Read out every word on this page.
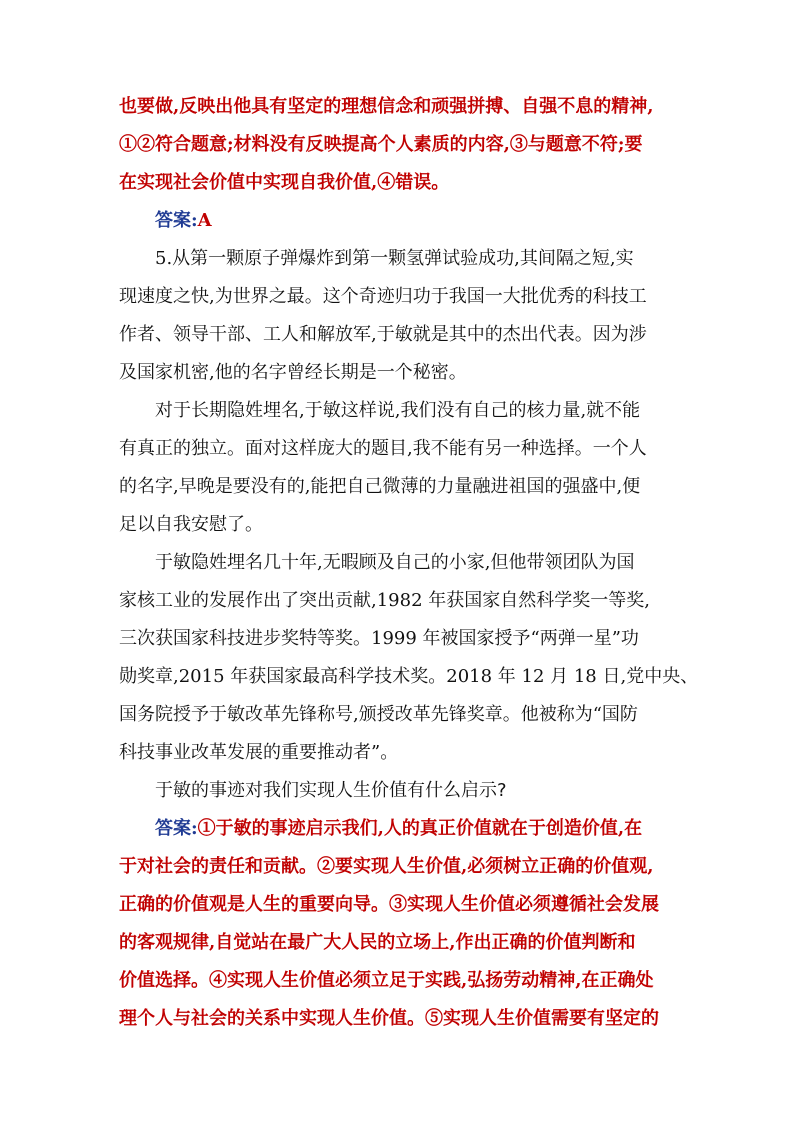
也要做,反映出他具有坚定的理想信念和顽强拼搏、自强不息的精神,
①②符合题意;材料没有反映提高个人素质的内容,③与题意不符;要
在实现社会价值中实现自我价值,④错误。
答案:A
5.从第一颗原子弹爆炸到第一颗氢弹试验成功,其间隔之短,实
现速度之快,为世界之最。这个奇迹归功于我国一大批优秀的科技工
作者、领导干部、工人和解放军,于敏就是其中的杰出代表。因为涉
及国家机密,他的名字曾经长期是一个秘密。
对于长期隐姓埋名,于敏这样说,我们没有自己的核力量,就不能
有真正的独立。面对这样庞大的题目,我不能有另一种选择。一个人
的名字,早晚是要没有的,能把自己微薄的力量融进祖国的强盛中,便
足以自我安慰了。
于敏隐姓埋名几十年,无暇顾及自己的小家,但他带领团队为国
家核工业的发展作出了突出贡献,1982 年获国家自然科学奖一等奖,
三次获国家科技进步奖特等奖。1999 年被国家授予“两弹一星”功
勋奖章,2015 年获国家最高科学技术奖。2018 年 12 月 18 日,党中央、
国务院授予于敏改革先锋称号,颁授改革先锋奖章。他被称为“国防
科技事业改革发展的重要推动者”。
于敏的事迹对我们实现人生价值有什么启示?
答案:①于敏的事迹启示我们,人的真正价值就在于创造价值,在
于对社会的责任和贡献。②要实现人生价值,必须树立正确的价值观,
正确的价值观是人生的重要向导。③实现人生价值必须遵循社会发展
的客观规律,自觉站在最广大人民的立场上,作出正确的价值判断和
价值选择。④实现人生价值必须立足于实践,弘扬劳动精神,在正确处
理个人与社会的关系中实现人生价值。⑤实现人生价值需要有坚定的
